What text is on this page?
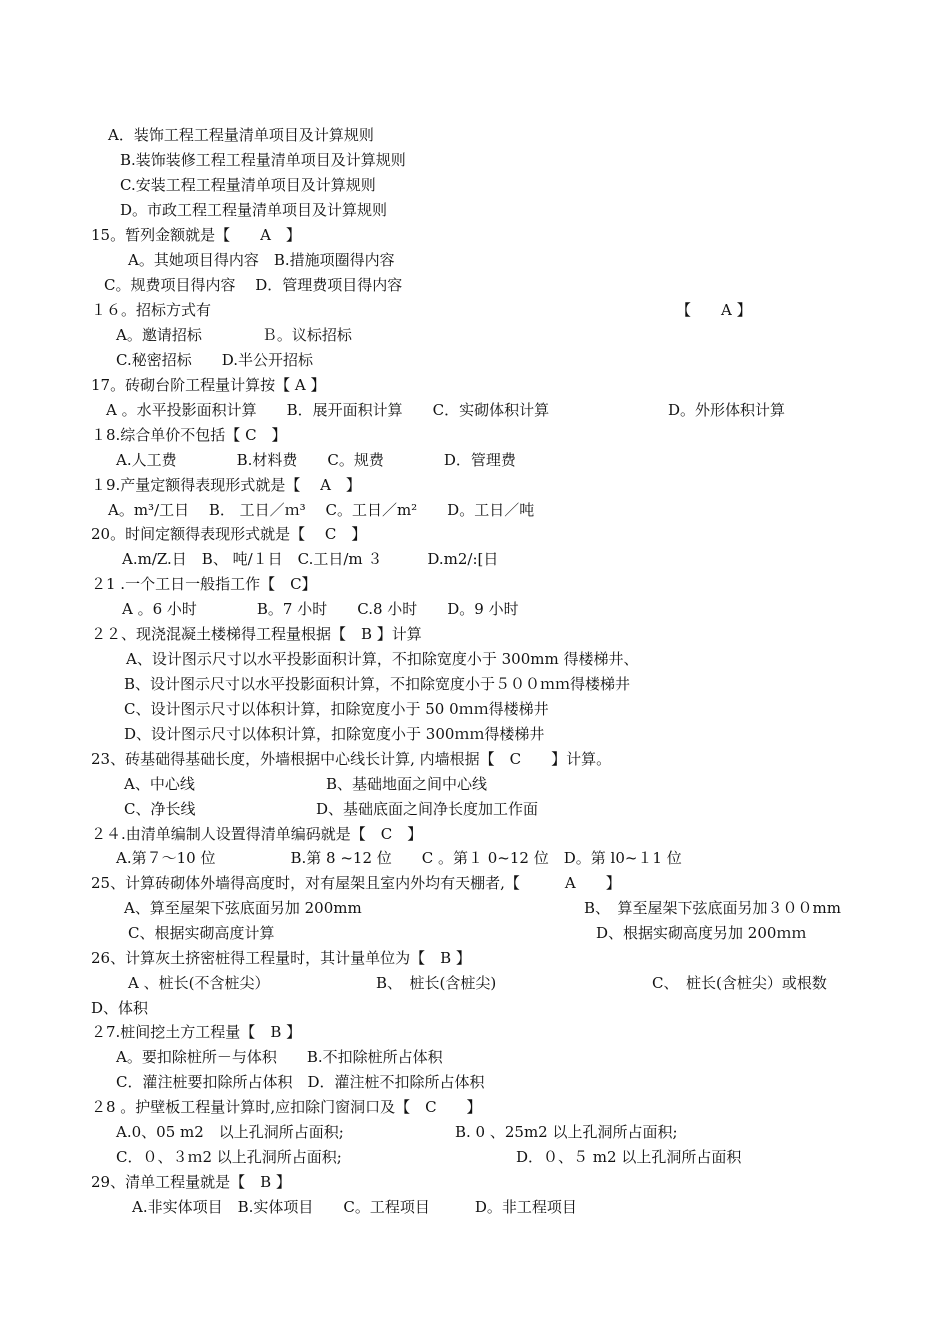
A．装饰工程工程量清单项目及计算规则
B.装饰装修工程工程量清单项目及计算规则
C.安装工程工程量清单项目及计算规则
D。市政工程工程量清单项目及计算规则
15。暂列金额就是【　　A　】
A。其她项目得内容　B.措施项圈得内容
C。规费项目得内容　 D．管理费项目得内容
１６。招标方式有	【　　A 】
A。邀请招标　　　　Ｂ。议标招标
C.秘密招标　　D.半公开招标
17。砖砌台阶工程量计算按【 A 】
A 。水平投影面积计算　　B．展开面积计算　　C．实砌体积计算	D。外形体积计算
１8.综合单价不包括【 C　】
A.人工费　　　　B.材料费　　C。规费　　　　D．管理费
１9.产量定额得表现形式就是【　 A　】
A。m³/工日　 B． 工日／ｍ³　 C。工日／m²　　D。工日／吨
20。时间定额得表现形式就是【　 C　】
A.m/Z.日　B、 吨/１日　C.工日/m ３　　　D.m2/:[日
２1 .一个工日一般指工作【　C】
A 。6 小时　　　　B。7 小时　　C.8 小时　　D。9 小时
２２、现浇混凝土楼梯得工程量根据【　B 】计算
A、设计图示尺寸以水平投影面积计算，不扣除宽度小于 300mm 得楼梯井、
B、设计图示尺寸以水平投影面积计算，不扣除宽度小于５００ｍｍ得楼梯井
C、设计图示尺寸以体积计算，扣除宽度小于 50 0ｍｍ得楼梯井
D、设计图示尺寸以体积计算，扣除宽度小于 300ｍｍ得楼梯井
23、砖基础得基础长度，外墙根据中心线长计算, 内墙根据【　C　　】计算。
A、中心线	B、基础地面之间中心线
C、净长线	D、基础底面之间净长度加工作面
２４.由清单编制人设置得清单编码就是【　C　】
A.第７～10 位　　　　　B.第 8 ~12 位　　C 。第１ 0~12 位　D。第 l0~１1 位
25、计算砖砌体外墙得高度时，对有屋架且室内外均有天棚者,【　　　A　　】
A、算至屋架下弦底面另加 200mm	B、　算至屋架下弦底面另加３００mm
C、根据实砌高度计算	D、根据实砌高度另加 200ｍｍ
26、计算灰土挤密桩得工程量时，其计量单位为【　B 】
A 、桩长(不含桩尖）	B、　桩长(含桩尖)	C、　桩长(含桩尖）或根数
D、体积
２7.桩间挖土方工程量【　B 】
A。要扣除桩所－与体积　　B.不扣除桩所占体积
C．灌注桩要扣除所占体积　D．灌注桩不扣除所占体积
２8 。护壁板工程量计算时,应扣除门窗洞口及【　C　　】
A.0、05 m2　以上孔洞所占面积;	B. 0 、25m2 以上孔洞所占面积;
C．０、３ｍ2 以上孔洞所占面积;	D．０、５ m2 以上孔洞所占面积
29、清单工程量就是【　B 】
A.非实体项目　B.实体项目　　C。工程项目　　　D。非工程项目
